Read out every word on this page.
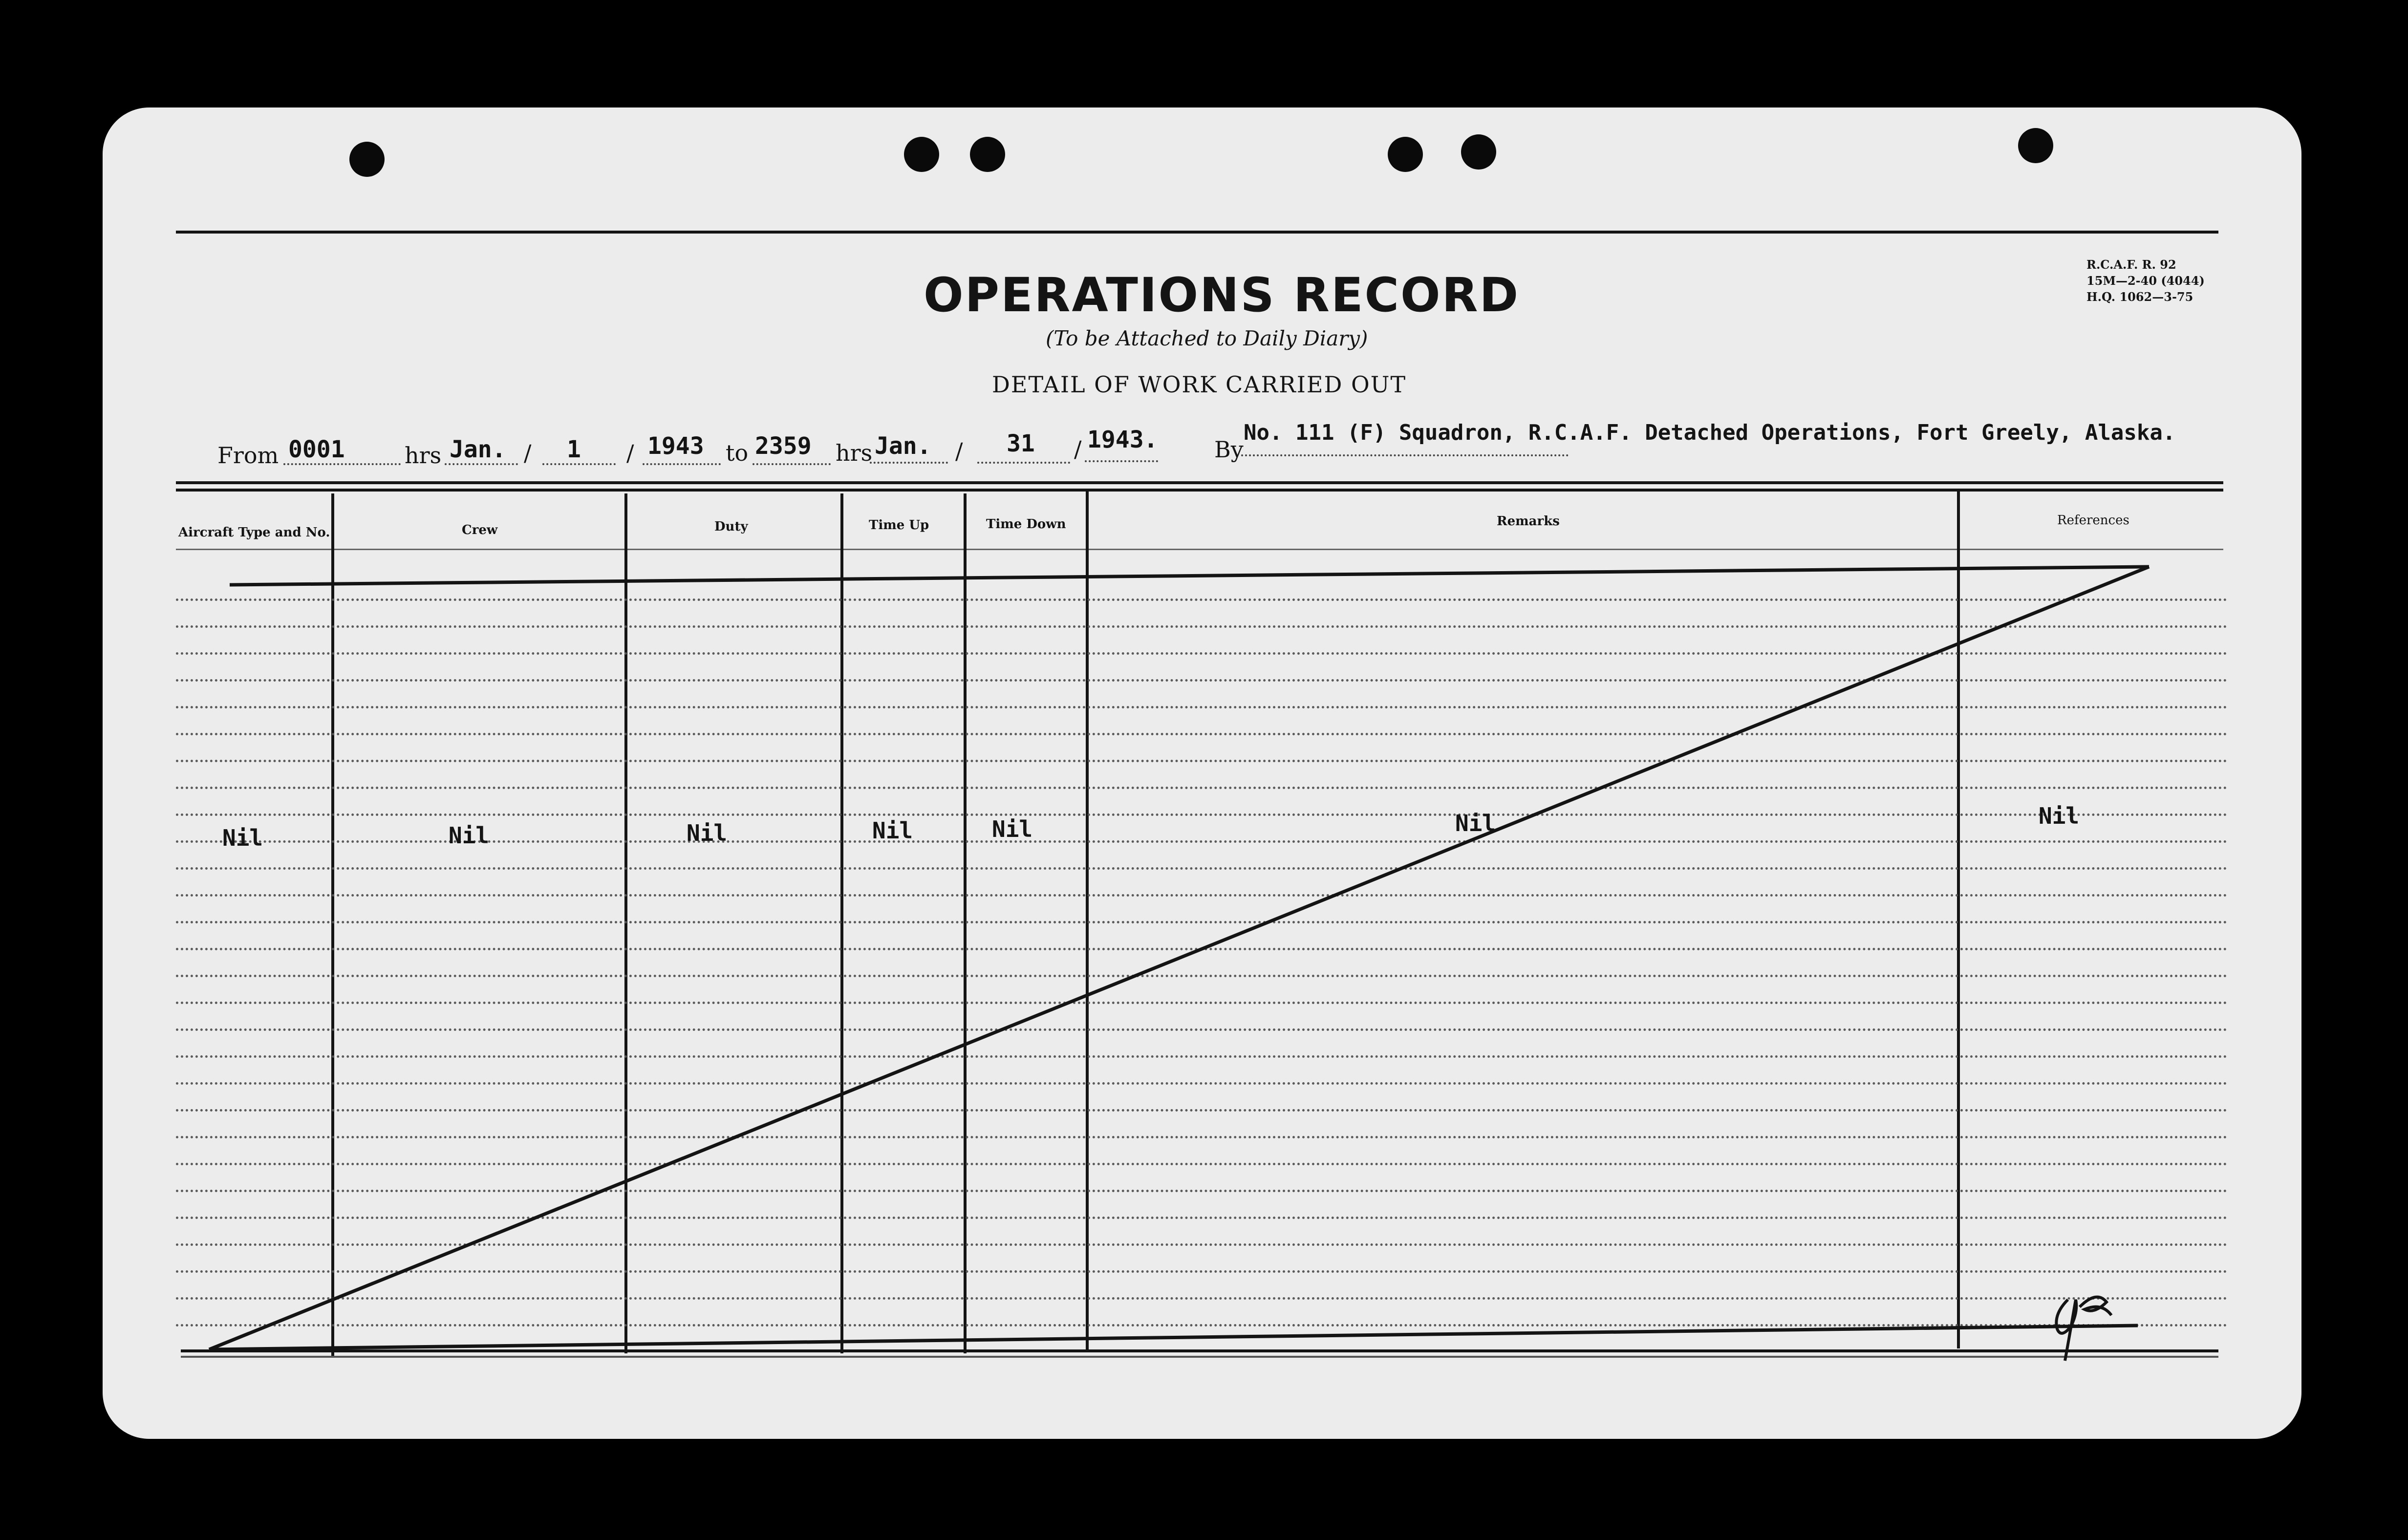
OPERATIONS RECORD
(To be Attached to Daily Diary)
DETAIL OF WORK CARRIED OUT
R.C.A.F. R. 92
15M—2-40 (4044)
H.Q. 1062—3-75
From 0001	hrs Jan. / 1 / 1943 to 2359 hrs Jan. / 31 / 1943.	By
No. 111 (F) Squadron, R.C.A.F. Detached Operations, Fort Greely, Alaska.
Aircraft Type and No.	Crew	Duty	Time Up	Time Down	Remarks	References
Nil	Nil	Nil	Nil	Nil	Nil	Nil
